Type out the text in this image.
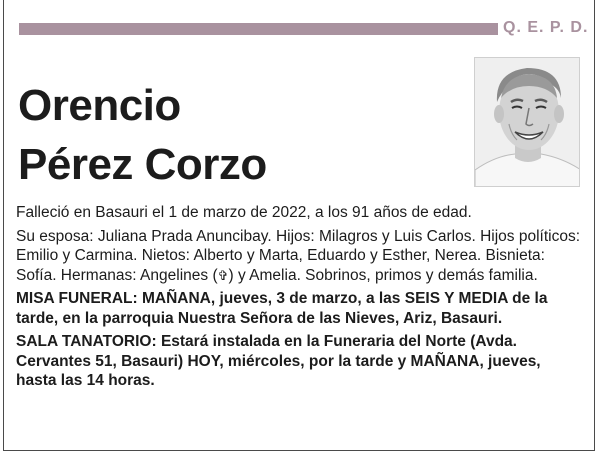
Q. E. P. D.
Orencio
Pérez Corzo

Falleció en Basauri el 1 de marzo de 2022, a los 91 años de edad.

Su esposa: Juliana Prada Anuncibay. Hijos: Milagros y Luis Carlos. Hijos políticos: Emilio y Carmina. Nietos: Alberto y Marta, Eduardo y Esther, Nerea. Bisnieta: Sofía. Hermanas: Angelines (✞) y Amelia. Sobrinos, primos y demás familia.

MISA FUNERAL: MAÑANA, jueves, 3 de marzo, a las SEIS Y MEDIA de la tarde, en la parroquia Nuestra Señora de las Nieves, Ariz, Basauri.

SALA TANATORIO: Estará instalada en la Funeraria del Norte (Avda. Cervantes 51, Basauri) HOY, miércoles, por la tarde y MAÑANA, jueves, hasta las 14 horas.
